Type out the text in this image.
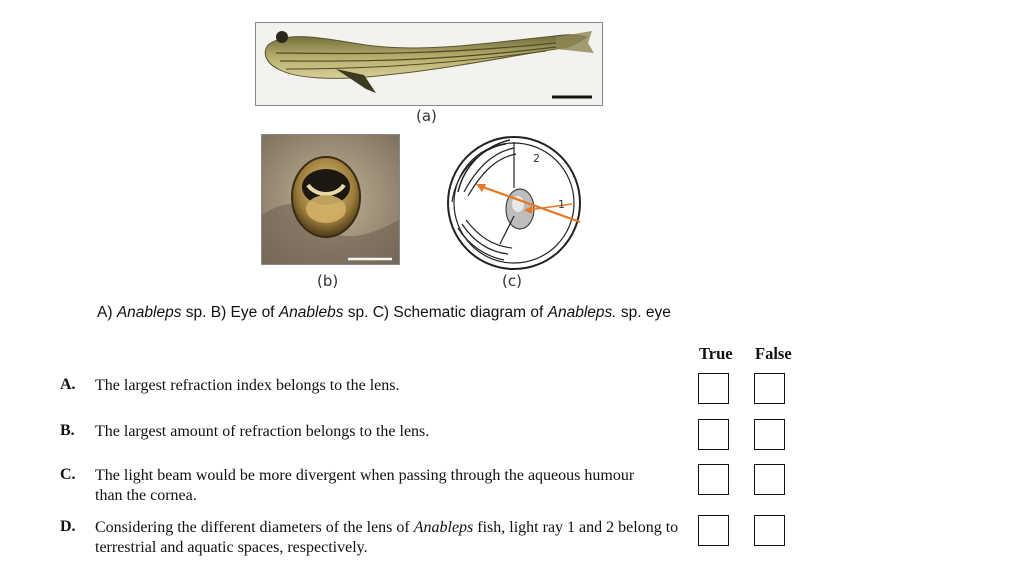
(a)
(b)
2
1
(c)
A) Anableps sp. B) Eye of Anablebs sp. C) Schematic diagram of Anableps. sp. eye
True False
A. The largest refraction index belongs to the lens.
B. The largest amount of refraction belongs to the lens.
C. The light beam would be more divergent when passing through the aqueous humour than the cornea.
D. Considering the different diameters of the lens of Anableps fish, light ray 1 and 2 belong to terrestrial and aquatic spaces, respectively.
